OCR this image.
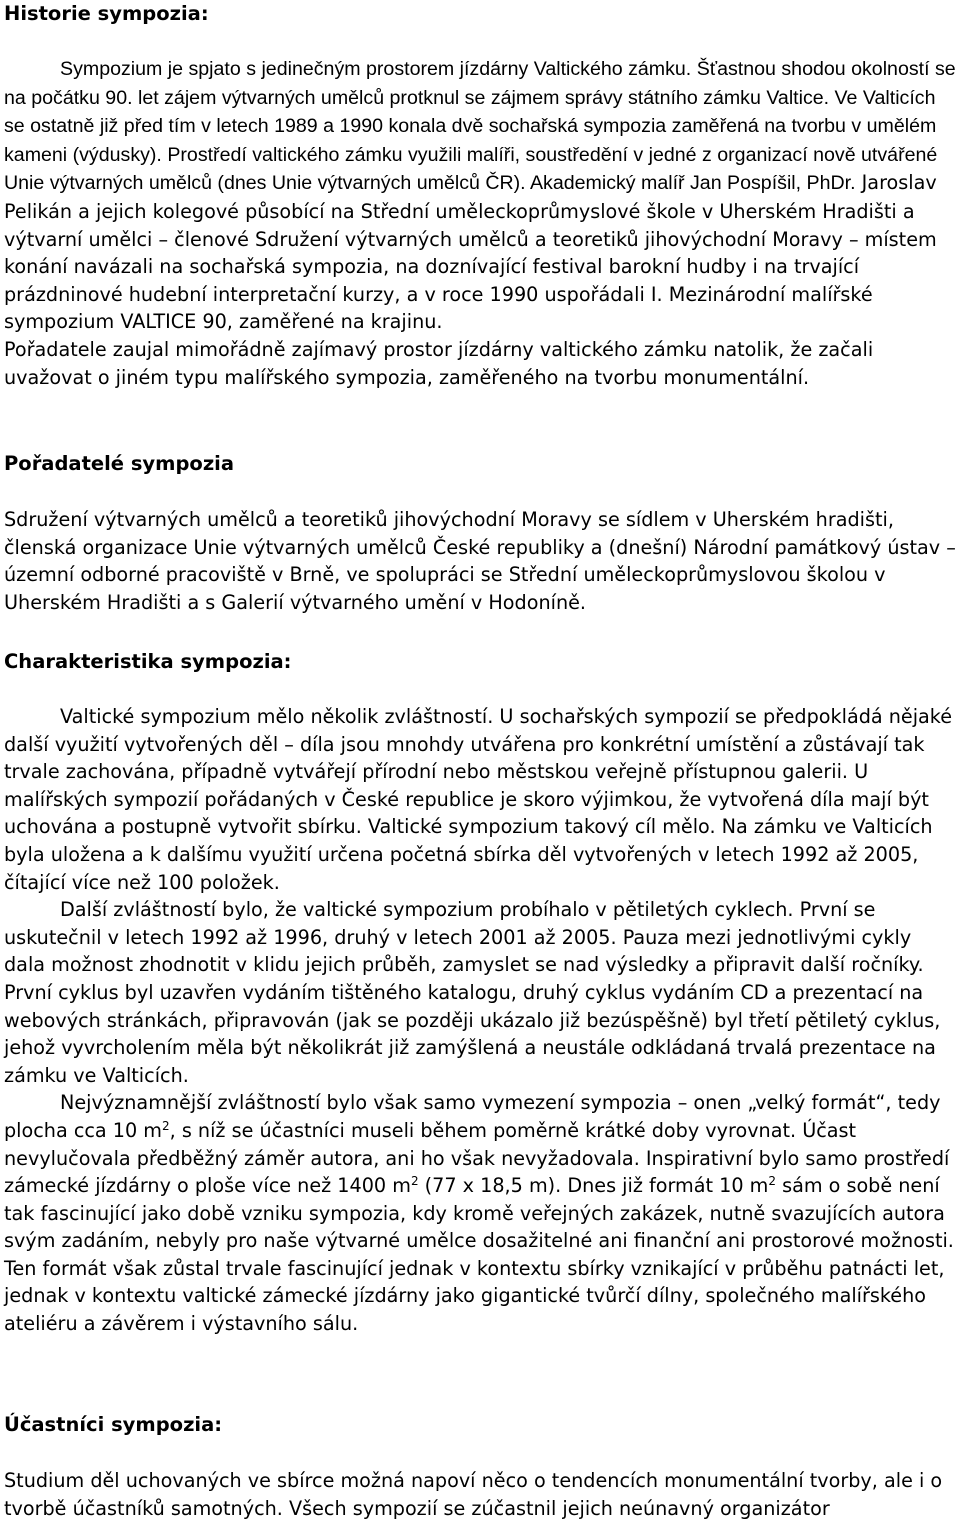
Historie sympozia:

Sympozium je spjato s jedinečným prostorem jízdárny Valtického zámku. Šťastnou shodou okolností se na počátku 90. let zájem výtvarných umělců protknul se zájmem správy státního zámku Valtice. Ve Valticích se ostatně již před tím v letech 1989 a 1990 konala dvě sochařská sympozia zaměřená na tvorbu v umělém kameni (výdusky). Prostředí valtického zámku využili malíři, soustředění v jedné z organizací nově utvářené Unie výtvarných umělců (dnes Unie výtvarných umělců ČR). Akademický malíř Jan Pospíšil, PhDr. Jaroslav Pelikán a jejich kolegové působící na Střední uměleckoprůmyslové škole v Uherském Hradišti a výtvarní umělci – členové Sdružení výtvarných umělců a teoretiků jihovýchodní Moravy – místem konání navázali na sochařská sympozia, na doznívající festival barokní hudby i na trvající prázdninové hudební interpretační kurzy, a v roce 1990 uspořádali I. Mezinárodní malířské sympozium VALTICE 90, zaměřené na krajinu.

Pořadatele zaujal mimořádně zajímavý prostor jízdárny valtického zámku natolik, že začali uvažovat o jiném typu malířského sympozia, zaměřeného na tvorbu monumentální.

Pořadatelé sympozia

Sdružení výtvarných umělců a teoretiků jihovýchodní Moravy se sídlem v Uherském hradišti, členská organizace Unie výtvarných umělců České republiky a (dnešní) Národní památkový ústav – územní odborné pracoviště v Brně, ve spolupráci se Střední uměleckoprůmyslovou školou v Uherském Hradišti a s Galerií výtvarného umění v Hodoníně.

Charakteristika sympozia:

Valtické sympozium mělo několik zvláštností. U sochařských sympozií se předpokládá nějaké další využití vytvořených děl – díla jsou mnohdy utvářena pro konkrétní umístění a zůstávají tak trvale zachována, případně vytvářejí přírodní nebo městskou veřejně přístupnou galerii. U malířských sympozií pořádaných v České republice je skoro výjimkou, že vytvořená díla mají být uchována a postupně vytvořit sbírku. Valtické sympozium takový cíl mělo. Na zámku ve Valticích byla uložena a k dalšímu využití určena početná sbírka děl vytvořených v letech 1992 až 2005, čítající více než 100 položek.

Další zvláštností bylo, že valtické sympozium probíhalo v pětiletých cyklech. První se uskutečnil v letech 1992 až 1996, druhý v letech 2001 až 2005. Pauza mezi jednotlivými cykly dala možnost zhodnotit v klidu jejich průběh, zamyslet se nad výsledky a připravit další ročníky. První cyklus byl uzavřen vydáním tištěného katalogu, druhý cyklus vydáním CD a prezentací na webových stránkách, připravován (jak se později ukázalo již bezúspěšně) byl třetí pětiletý cyklus, jehož vyvrcholením měla být několikrát již zamýšlená a neustále odkládaná trvalá prezentace na zámku ve Valticích.

Nejvýznamnější zvláštností bylo však samo vymezení sympozia – onen „velký formát“, tedy plocha cca 10 $m^2$, s níž se účastníci museli během poměrně krátké doby vyrovnat. Účast nevylučovala předběžný záměr autora, ani ho však nevyžadovala. Inspirativní bylo samo prostředí zámecké jízdárny o ploše více než 1400 $m^2$ (77 x 18,5 m). Dnes již formát 10 $m^2$ sám o sobě není tak fascinující jako době vzniku sympozia, kdy kromě veřejných zakázek, nutně svazujících autora svým zadáním, nebyly pro naše výtvarné umělce dosažitelné ani finanční ani prostorové možnosti. Ten formát však zůstal trvale fascinující jednak v kontextu sbírky vznikající v průběhu patnácti let, jednak v kontextu valtické zámecké jízdárny jako gigantické tvůrčí dílny, společného malířského ateliéru a závěrem i výstavního sálu.

Účastníci sympozia:

Studium děl uchovaných ve sbírce možná napoví něco o tendencích monumentální tvorby, ale i o tvorbě účastníků samotných. Všech sympozií se zúčastnil jejich neúnavný organizátor
